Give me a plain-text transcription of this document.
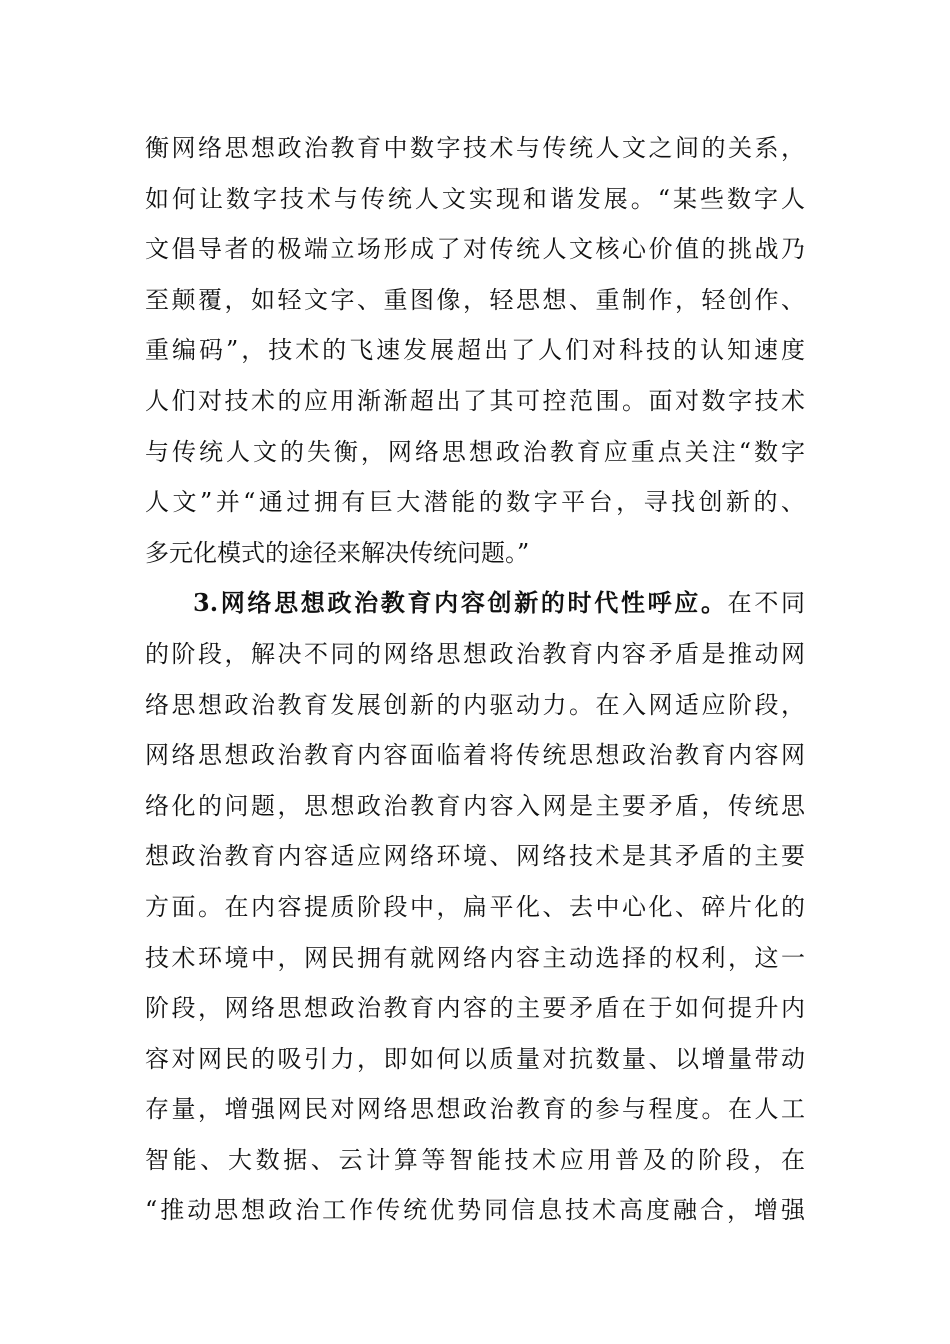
衡网络思想政治教育中数字技术与传统人文之间的关系，
如何让数字技术与传统人文实现和谐发展。“某些数字人
文倡导者的极端立场形成了对传统人文核心价值的挑战乃
至颠覆，如轻文字、重图像，轻思想、重制作，轻创作、
重编码”，技术的飞速发展超出了人们对科技的认知速度
人们对技术的应用渐渐超出了其可控范围。面对数字技术
与传统人文的失衡，网络思想政治教育应重点关注“数字
人文”并“通过拥有巨大潜能的数字平台，寻找创新的、
多元化模式的途径来解决传统问题。”
3.网络思想政治教育内容创新的时代性呼应。在不同
的阶段，解决不同的网络思想政治教育内容矛盾是推动网
络思想政治教育发展创新的内驱动力。在入网适应阶段，
网络思想政治教育内容面临着将传统思想政治教育内容网
络化的问题，思想政治教育内容入网是主要矛盾，传统思
想政治教育内容适应网络环境、网络技术是其矛盾的主要
方面。在内容提质阶段中，扁平化、去中心化、碎片化的
技术环境中，网民拥有就网络内容主动选择的权利，这一
阶段，网络思想政治教育内容的主要矛盾在于如何提升内
容对网民的吸引力，即如何以质量对抗数量、以增量带动
存量，增强网民对网络思想政治教育的参与程度。在人工
智能、大数据、云计算等智能技术应用普及的阶段，在
“推动思想政治工作传统优势同信息技术高度融合，增强
